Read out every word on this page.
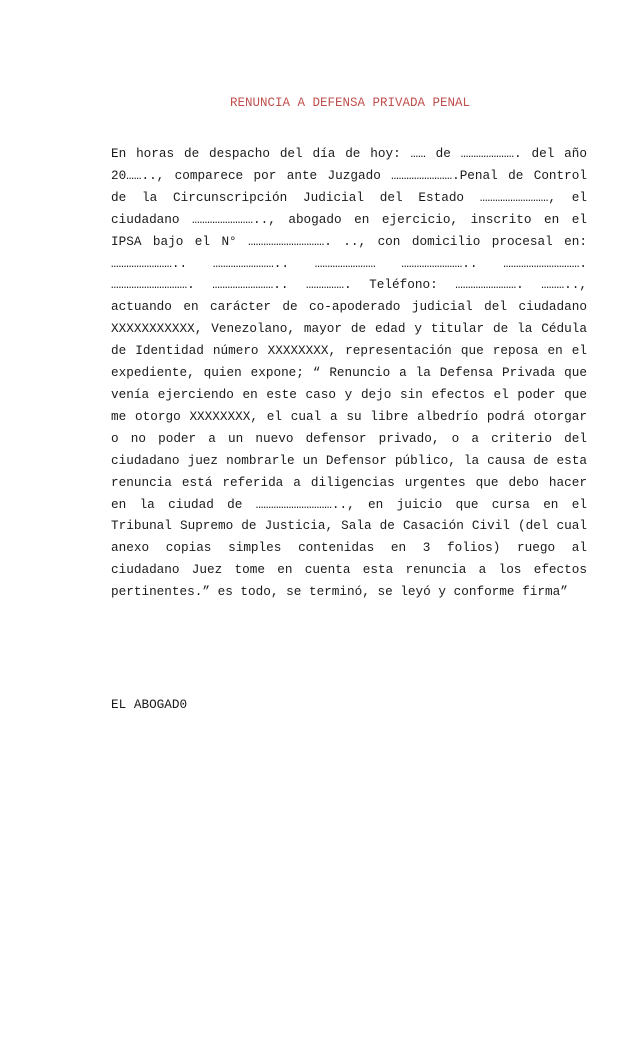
RENUNCIA A DEFENSA PRIVADA PENAL

En horas de despacho del día de hoy: …… de …………………. del año 20…….., comparece por ante Juzgado …………………….Penal de Control de la Circunscripción Judicial del Estado ………………………, el ciudadano …………………….., abogado en ejercicio, inscrito en el IPSA bajo el N° …………………………. .., con domicilio procesal en: …………………….. …………………….. …………………… …………………….. …………………………. …………………………. …………………….. ……………. Teléfono: ……………………. ……….., actuando en carácter de co-apoderado judicial del ciudadano XXXXXXXXXXX, Venezolano, mayor de edad y titular de la Cédula de Identidad número XXXXXXXX, representación que reposa en el expediente, quien expone; “ Renuncio a la Defensa Privada que venía ejerciendo en este caso y dejo sin efectos el poder que me otorgo XXXXXXXX, el cual a su libre albedrío podrá otorgar o no poder a un nuevo defensor privado, o a criterio del ciudadano juez nombrarle un Defensor público, la causa de esta renuncia está referida a diligencias urgentes que debo hacer en la ciudad de ………………………….., en juicio que cursa en el Tribunal Supremo de Justicia, Sala de Casación Civil (del cual anexo copias simples contenidas en 3 folios) ruego al ciudadano Juez tome en cuenta esta renuncia a los efectos pertinentes.” es todo, se terminó, se leyó y conforme firma”

EL ABOGAD0
